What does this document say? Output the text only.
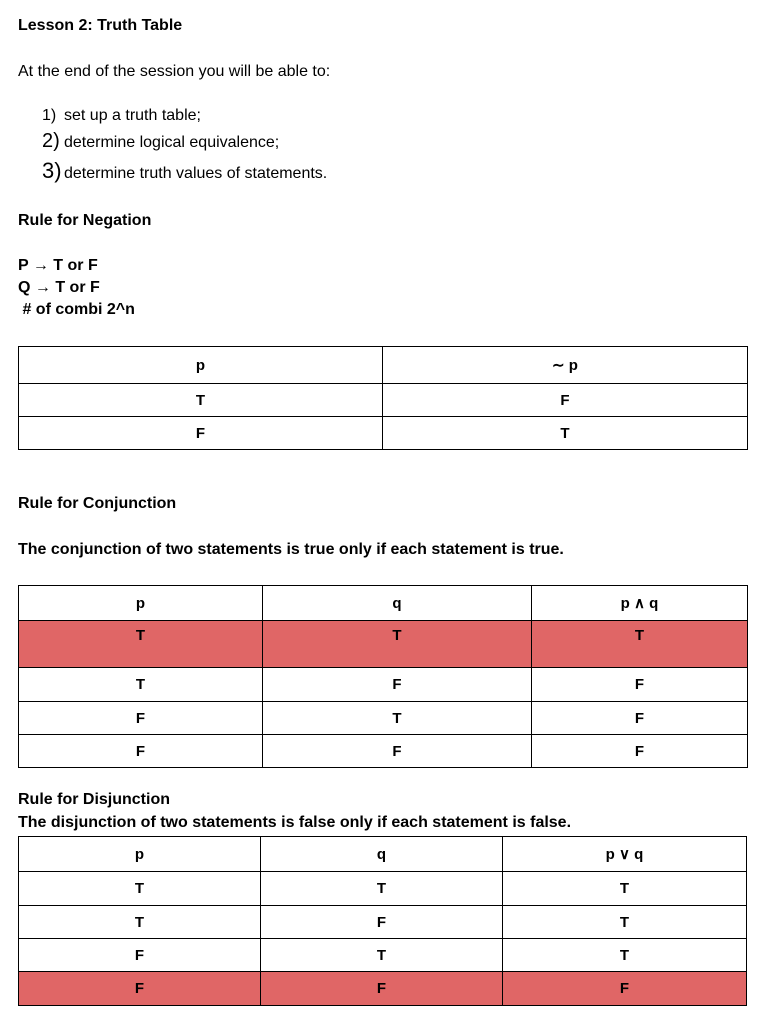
Lesson 2: Truth Table
At the end of the session you will be able to:
1) set up a truth table;
2) determine logical equivalence;
3) determine truth values of statements.
Rule for Negation
P → T or F
Q → T or F
# of combi 2^n
p	∼ p
T	F
F	T
Rule for Conjunction
The conjunction of two statements is true only if each statement is true.
p	q	p ∧ q
T	T	T
T	F	F
F	T	F
F	F	F
Rule for Disjunction
The disjunction of two statements is false only if each statement is false.
p	q	p ∨ q
T	T	T
T	F	T
F	T	T
F	F	F
